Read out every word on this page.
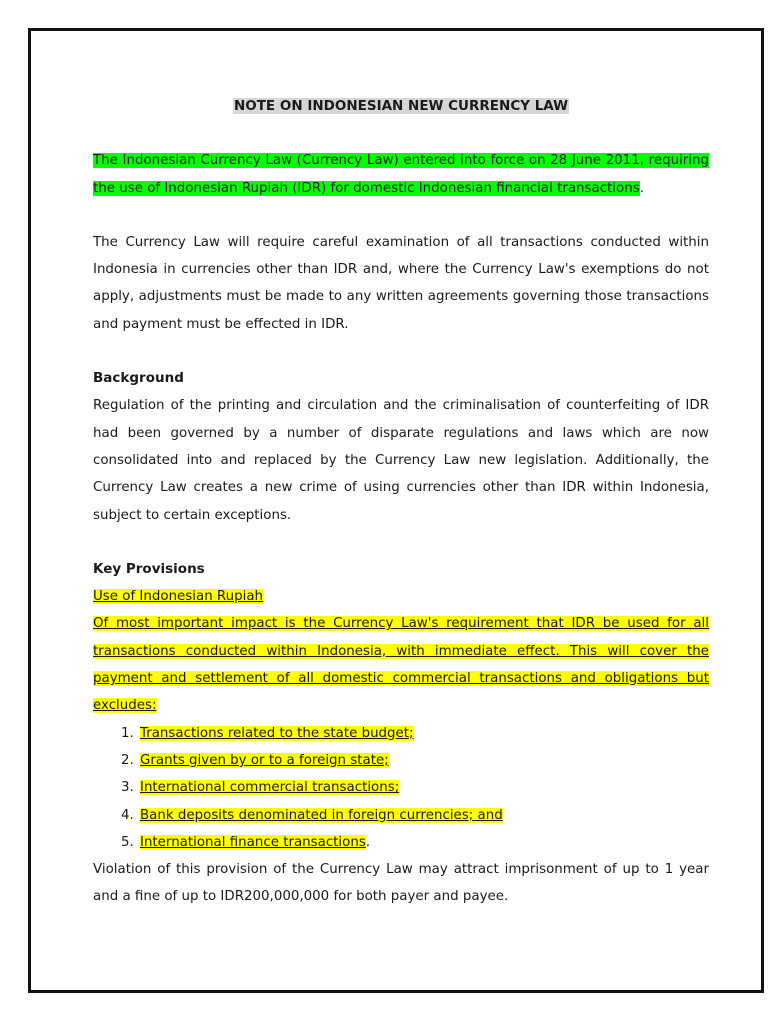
NOTE ON INDONESIAN NEW CURRENCY LAW

The Indonesian Currency Law (Currency Law) entered into force on 28 June 2011, requiring the use of Indonesian Rupiah (IDR) for domestic Indonesian financial transactions.

The Currency Law will require careful examination of all transactions conducted within Indonesia in currencies other than IDR and, where the Currency Law's exemptions do not apply, adjustments must be made to any written agreements governing those transactions and payment must be effected in IDR.

Background

Regulation of the printing and circulation and the criminalisation of counterfeiting of IDR had been governed by a number of disparate regulations and laws which are now consolidated into and replaced by the Currency Law new legislation. Additionally, the Currency Law creates a new crime of using currencies other than IDR within Indonesia, subject to certain exceptions.

Key Provisions

Use of Indonesian Rupiah

Of most important impact is the Currency Law's requirement that IDR be used for all transactions conducted within Indonesia, with immediate effect. This will cover the payment and settlement of all domestic commercial transactions and obligations but excludes:

1. Transactions related to the state budget;
2. Grants given by or to a foreign state;
3. International commercial transactions;
4. Bank deposits denominated in foreign currencies; and
5. International finance transactions.

Violation of this provision of the Currency Law may attract imprisonment of up to 1 year and a fine of up to IDR200,000,000 for both payer and payee.
